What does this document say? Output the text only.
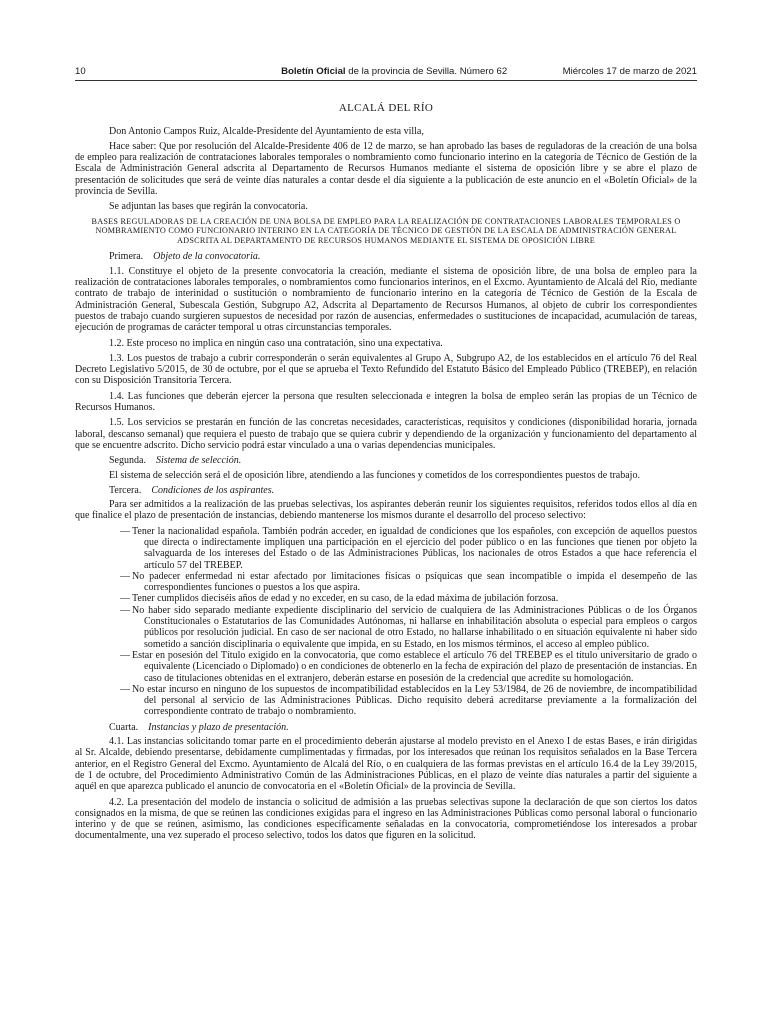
10	Boletín Oficial de la provincia de Sevilla. Número 62	Miércoles 17 de marzo de 2021
ALCALÁ DEL RÍO

Don Antonio Campos Ruiz, Alcalde-Presidente del Ayuntamiento de esta villa,

Hace saber: Que por resolución del Alcalde-Presidente 406 de 12 de marzo, se han aprobado las bases de reguladoras de la creación de una bolsa de empleo para realización de contrataciones laborales temporales o nombramiento como funcionario interino en la categoría de Técnico de Gestión de la Escala de Administración General adscrita al Departamento de Recursos Humanos mediante el sistema de oposición libre y se abre el plazo de presentación de solicitudes que será de veinte días naturales a contar desde el día siguiente a la publicación de este anuncio en el «Boletín Oficial» de la provincia de Sevilla.

Se adjuntan las bases que regirán la convocatoria.

BASES REGULADORAS DE LA CREACIÓN DE UNA BOLSA DE EMPLEO PARA LA REALIZACIÓN DE CONTRATACIONES LABORALES TEMPORALES O NOMBRAMIENTO COMO FUNCIONARIO INTERINO EN LA CATEGORÍA DE TÉCNICO DE GESTIÓN DE LA ESCALA DE ADMINISTRACIÓN GENERAL ADSCRITA AL DEPARTAMENTO DE RECURSOS HUMANOS MEDIANTE EL SISTEMA DE OPOSICIÓN LIBRE
Primera. Objeto de la convocatoria.

1.1. Constituye el objeto de la presente convocatoria la creación, mediante el sistema de oposición libre, de una bolsa de empleo para la realización de contrataciones laborales temporales, o nombramientos como funcionarios interinos, en el Excmo. Ayuntamiento de Alcalá del Río, mediante contrato de trabajo de interinidad o sustitución o nombramiento de funcionario interino en la categoría de Técnico de Gestión de la Escala de Administración General, Subescala Gestión, Subgrupo A2, Adscrita al Departamento de Recursos Humanos, al objeto de cubrir los correspondientes puestos de trabajo cuando surgieren supuestos de necesidad por razón de ausencias, enfermedades o sustituciones de incapacidad, acumulación de tareas, ejecución de programas de carácter temporal u otras circunstancias temporales.

1.2. Este proceso no implica en ningún caso una contratación, sino una expectativa.

1.3. Los puestos de trabajo a cubrir corresponderán o serán equivalentes al Grupo A, Subgrupo A2, de los establecidos en el artículo 76 del Real Decreto Legislativo 5/2015, de 30 de octubre, por el que se aprueba el Texto Refundido del Estatuto Básico del Empleado Público (TREBEP), en relación con su Disposición Transitoria Tercera.

1.4. Las funciones que deberán ejercer la persona que resulten seleccionada e integren la bolsa de empleo serán las propias de un Técnico de Recursos Humanos.

1.5. Los servicios se prestarán en función de las concretas necesidades, características, requisitos y condiciones (disponibilidad horaria, jornada laboral, descanso semanal) que requiera el puesto de trabajo que se quiera cubrir y dependiendo de la organización y funcionamiento del departamento al que se encuentre adscrito. Dicho servicio podrá estar vinculado a una o varias dependencias municipales.

Segunda. Sistema de selección.

El sistema de selección será el de oposición libre, atendiendo a las funciones y cometidos de los correspondientes puestos de trabajo.

Tercera. Condiciones de los aspirantes.

Para ser admitidos a la realización de las pruebas selectivas, los aspirantes deberán reunir los siguientes requisitos, referidos todos ellos al día en que finalice el plazo de presentación de instancias, debiendo mantenerse los mismos durante el desarrollo del proceso selectivo:

— Tener la nacionalidad española. También podrán acceder, en igualdad de condiciones que los españoles, con excepción de aquellos puestos que directa o indirectamente impliquen una participación en el ejercicio del poder público o en las funciones que tienen por objeto la salvaguarda de los intereses del Estado o de las Administraciones Públicas, los nacionales de otros Estados a que hace referencia el artículo 57 del TREBEP.
— No padecer enfermedad ni estar afectado por limitaciones físicas o psíquicas que sean incompatible o impida el desempeño de las correspondientes funciones o puestos a los que aspira.
— Tener cumplidos dieciséis años de edad y no exceder, en su caso, de la edad máxima de jubilación forzosa.
— No haber sido separado mediante expediente disciplinario del servicio de cualquiera de las Administraciones Públicas o de los Órganos Constitucionales o Estatutarios de las Comunidades Autónomas, ni hallarse en inhabilitación absoluta o especial para empleos o cargos públicos por resolución judicial. En caso de ser nacional de otro Estado, no hallarse inhabilitado o en situación equivalente ni haber sido sometido a sanción disciplinaria o equivalente que impida, en su Estado, en los mismos términos, el acceso al empleo público.
— Estar en posesión del Título exigido en la convocatoria, que como establece el artículo 76 del TREBEP es el título universitario de grado o equivalente (Licenciado o Diplomado) o en condiciones de obtenerlo en la fecha de expiración del plazo de presentación de instancias. En caso de titulaciones obtenidas en el extranjero, deberán estarse en posesión de la credencial que acredite su homologación.
— No estar incurso en ninguno de los supuestos de incompatibilidad establecidos en la Ley 53/1984, de 26 de noviembre, de incompatibilidad del personal al servicio de las Administraciones Públicas. Dicho requisito deberá acreditarse previamente a la formalización del correspondiente contrato de trabajo o nombramiento.
Cuarta. Instancias y plazo de presentación.

4.1. Las instancias solicitando tomar parte en el procedimiento deberán ajustarse al modelo previsto en el Anexo I de estas Bases, e irán dirigidas al Sr. Alcalde, debiendo presentarse, debidamente cumplimentadas y firmadas, por los interesados que reúnan los requisitos señalados en la Base Tercera anterior, en el Registro General del Excmo. Ayuntamiento de Alcalá del Río, o en cualquiera de las formas previstas en el artículo 16.4 de la Ley 39/2015, de 1 de octubre, del Procedimiento Administrativo Común de las Administraciones Públicas, en el plazo de veinte días naturales a partir del siguiente a aquél en que aparezca publicado el anuncio de convocatoria en el «Boletín Oficial» de la provincia de Sevilla.

4.2. La presentación del modelo de instancia o solicitud de admisión a las pruebas selectivas supone la declaración de que son ciertos los datos consignados en la misma, de que se reúnen las condiciones exigidas para el ingreso en las Administraciones Públicas como personal laboral o funcionario interino y de que se reúnen, asimismo, las condiciones específicamente señaladas en la convocatoria, comprometiéndose los interesados a probar documentalmente, una vez superado el proceso selectivo, todos los datos que figuren en la solicitud.
